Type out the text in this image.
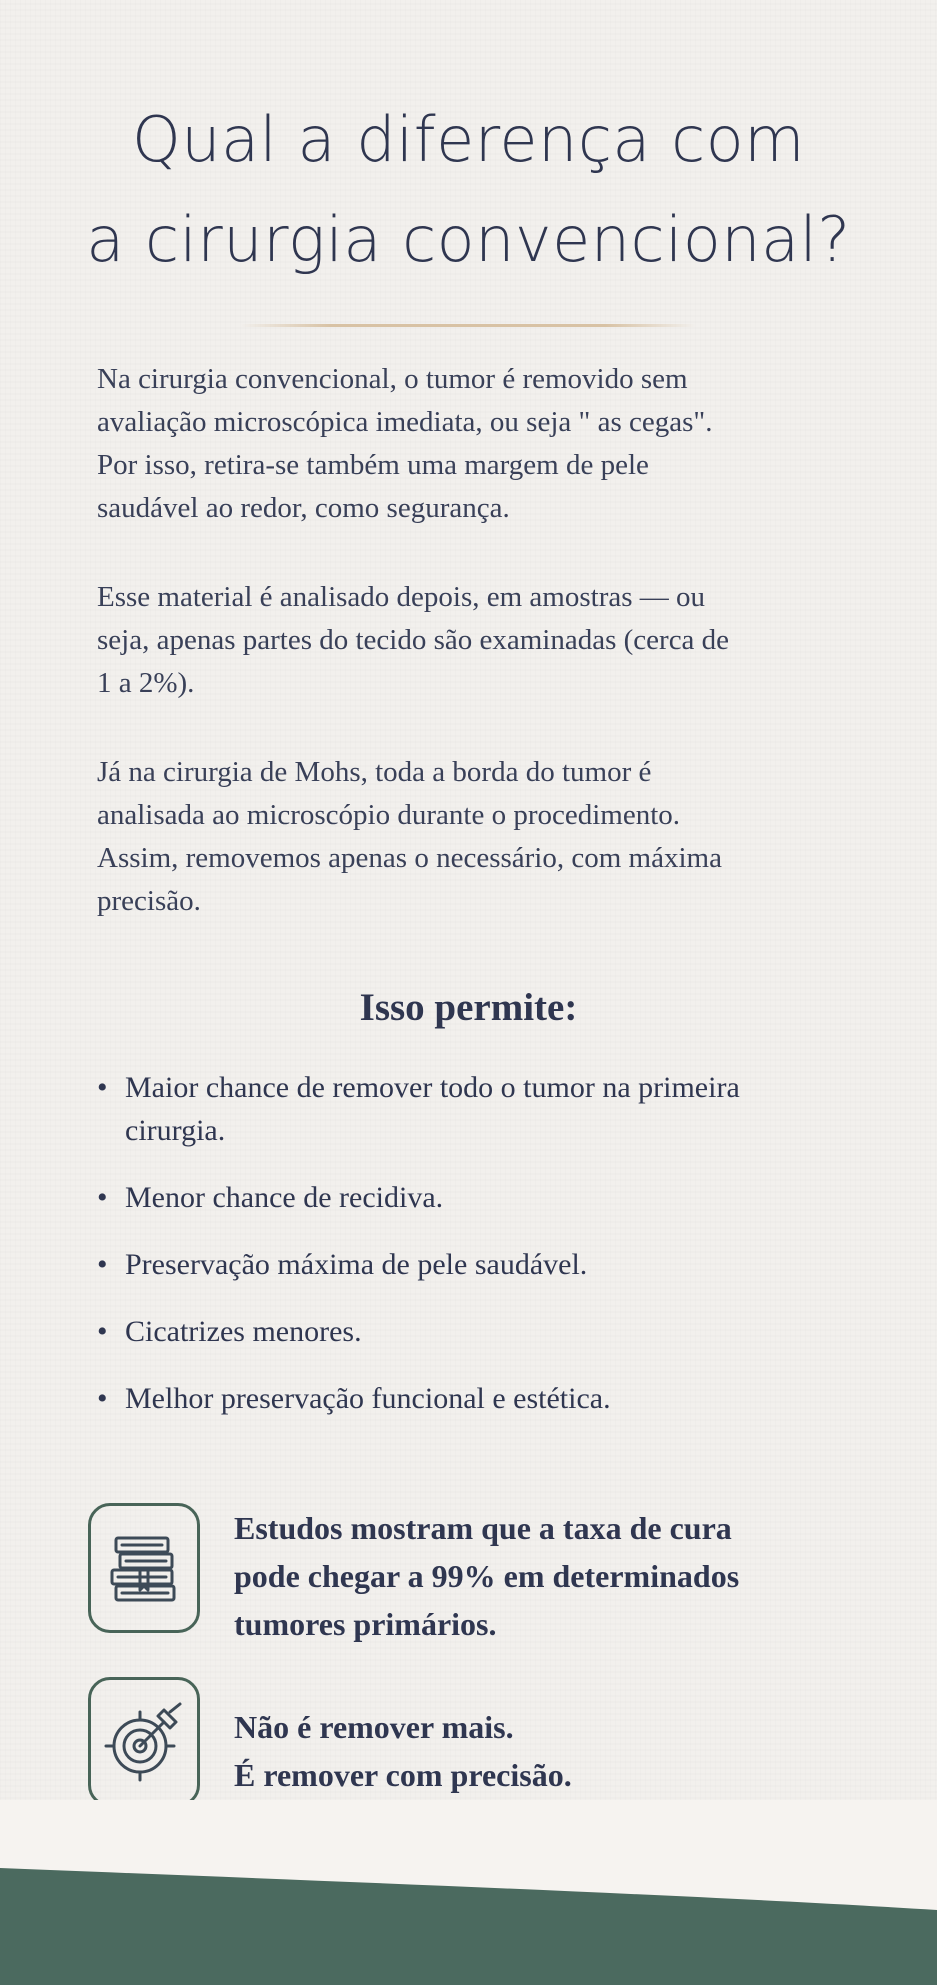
Qual a diferença com
a cirurgia convencional?
Na cirurgia convencional, o tumor é removido sem
avaliação microscópica imediata, ou seja " as cegas".
Por isso, retira-se também uma margem de pele
saudável ao redor, como segurança.
Esse material é analisado depois, em amostras — ou
seja, apenas partes do tecido são examinadas (cerca de
1 a 2%).
Já na cirurgia de Mohs, toda a borda do tumor é
analisada ao microscópio durante o procedimento.
Assim, removemos apenas o necessário, com máxima
precisão.
Isso permite:
• Maior chance de remover todo o tumor na primeira
cirurgia.
• Menor chance de recidiva.
• Preservação máxima de pele saudável.
• Cicatrizes menores.
• Melhor preservação funcional e estética.
Estudos mostram que a taxa de cura
pode chegar a 99% em determinados
tumores primários.
Não é remover mais.
É remover com precisão.
